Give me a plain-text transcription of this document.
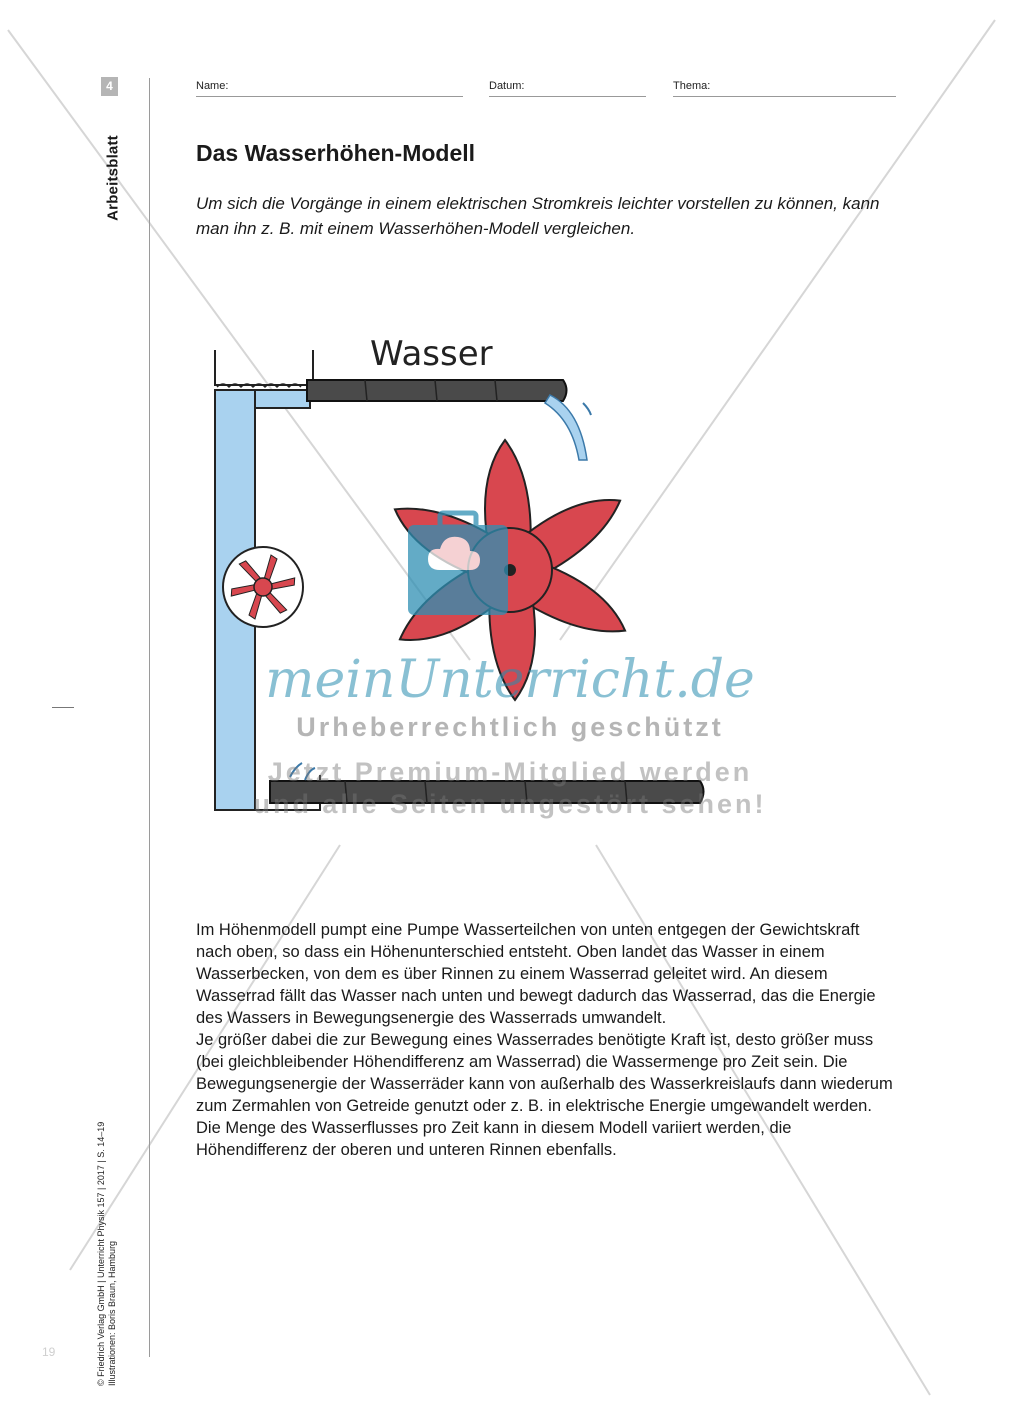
4
Arbeitsblatt
Name:	Datum:	Thema:
Das Wasserhöhen-Modell

Um sich die Vorgänge in einem elektrischen Stromkreis leichter vorstellen zu können, kann man ihn z. B. mit einem Wasserhöhen-Modell vergleichen.

Wasser
meinUnterricht.de
Urheberrechtlich geschützt
Jetzt Premium-Mitglied werden
und alle Seiten ungestört sehen!

Im Höhenmodell pumpt eine Pumpe Wasserteilchen von unten entgegen der Gewichtskraft nach oben, so dass ein Höhenunterschied entsteht. Oben landet das Wasser in einem Wasserbecken, von dem es über Rinnen zu einem Wasserrad geleitet wird. An diesem Wasserrad fällt das Wasser nach unten und bewegt dadurch das Wasserrad, das die Energie des Wassers in Bewegungsenergie des Wasserrads umwandelt.

Je größer dabei die zur Bewegung eines Wasserrades benötigte Kraft ist, desto größer muss (bei gleichbleibender Höhendifferenz am Wasserrad) die Wassermenge pro Zeit sein. Die Bewegungsenergie der Wasserräder kann von außerhalb des Wasserkreislaufs dann wiederum zum Zermahlen von Getreide genutzt oder z. B. in elektrische Energie umgewandelt werden.

Die Menge des Wasserflusses pro Zeit kann in diesem Modell variiert werden, die Höhendifferenz der oberen und unteren Rinnen ebenfalls.

© Friedrich Verlag GmbH | Unterricht Physik 157 | 2017 | S. 14–19 Illustrationen: Boris Braun, Hamburg
19
